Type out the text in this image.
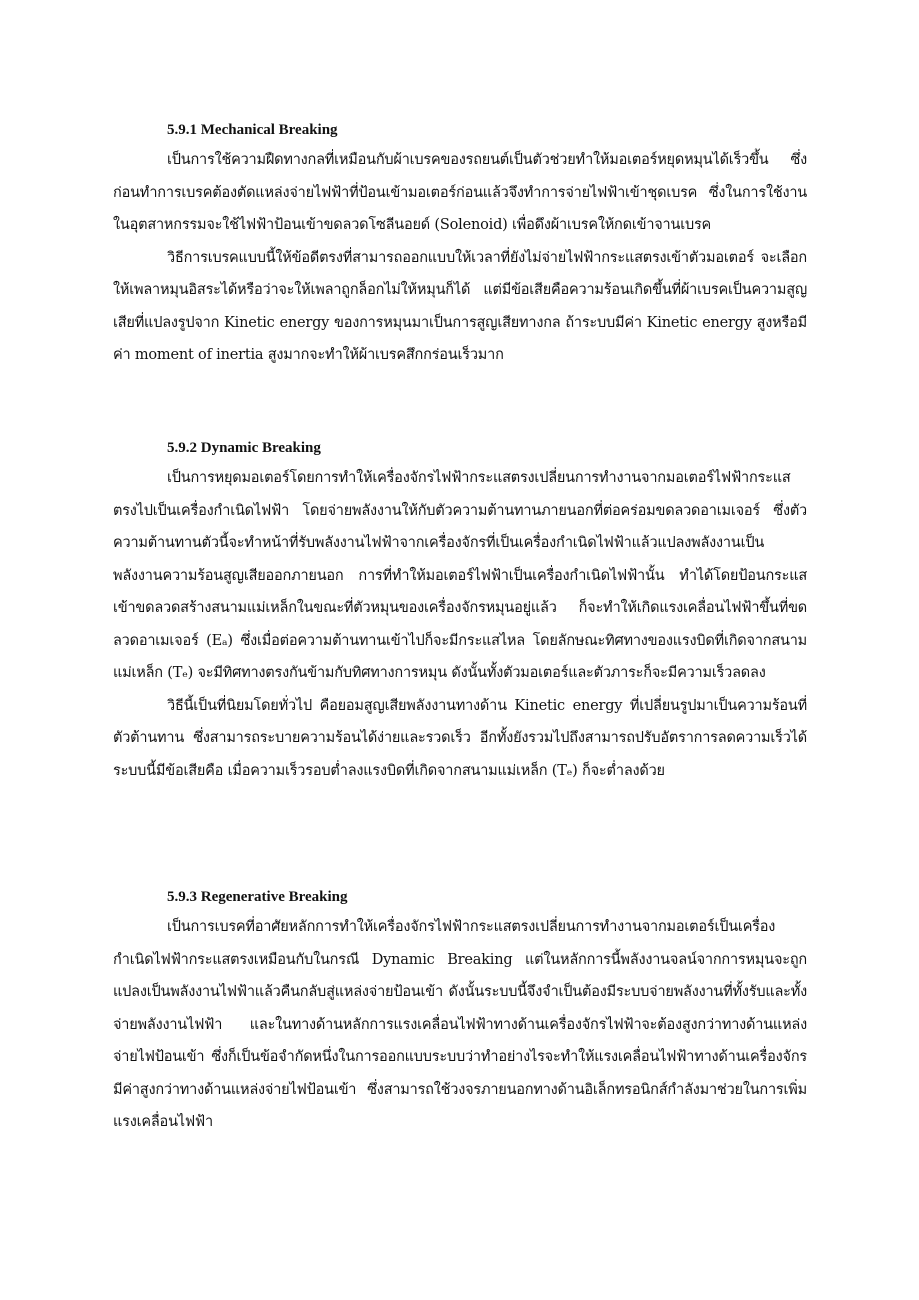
5.9.1 Mechanical Breaking

เป็นการใช้ความฝืดทางกลที่เหมือนกับผ้าเบรคของรถยนต์เป็นตัวช่วยทำให้มอเตอร์หยุดหมุนได้เร็วขึ้น ซึ่งก่อนทำการเบรคต้องตัดแหล่งจ่ายไฟฟ้าที่ป้อนเข้ามอเตอร์ก่อนแล้วจึงทำการจ่ายไฟฟ้าเข้าชุดเบรค ซึ่งในการใช้งานในอุตสาหกรรมจะใช้ไฟฟ้าป้อนเข้าขดลวดโซลีนอยด์ (Solenoid) เพื่อดึงผ้าเบรคให้กดเข้าจานเบรค

วิธีการเบรคแบบนี้ให้ข้อดีตรงที่สามารถออกแบบให้เวลาที่ยังไม่จ่ายไฟฟ้ากระแสตรงเข้าตัวมอเตอร์ จะเลือกให้เพลาหมุนอิสระได้หรือว่าจะให้เพลาถูกล็อกไม่ให้หมุนก็ได้ แต่มีข้อเสียคือความร้อนเกิดขึ้นที่ผ้าเบรคเป็นความสูญเสียที่แปลงรูปจาก Kinetic energy ของการหมุนมาเป็นการสูญเสียทางกล ถ้าระบบมีค่า Kinetic energy สูงหรือมีค่า moment of inertia สูงมากจะทำให้ผ้าเบรคสึกกร่อนเร็วมาก

5.9.2 Dynamic Breaking

เป็นการหยุดมอเตอร์โดยการทำให้เครื่องจักรไฟฟ้ากระแสตรงเปลี่ยนการทำงานจากมอเตอร์ไฟฟ้ากระแสตรงไปเป็นเครื่องกำเนิดไฟฟ้า โดยจ่ายพลังงานให้กับตัวความต้านทานภายนอกที่ต่อคร่อมขดลวดอาเมเจอร์ ซึ่งตัวความต้านทานตัวนี้จะทำหน้าที่รับพลังงานไฟฟ้าจากเครื่องจักรที่เป็นเครื่องกำเนิดไฟฟ้าแล้วแปลงพลังงานเป็นพลังงานความร้อนสูญเสียออกภายนอก การที่ทำให้มอเตอร์ไฟฟ้าเป็นเครื่องกำเนิดไฟฟ้านั้น ทำได้โดยป้อนกระแสเข้าขดลวดสร้างสนามแม่เหล็กในขณะที่ตัวหมุนของเครื่องจักรหมุนอยู่แล้ว ก็จะทำให้เกิดแรงเคลื่อนไฟฟ้าขึ้นที่ขดลวดอาเมเจอร์ (Eₐ) ซึ่งเมื่อต่อความต้านทานเข้าไปก็จะมีกระแสไหล โดยลักษณะทิศทางของแรงบิดที่เกิดจากสนามแม่เหล็ก (Tₑ) จะมีทิศทางตรงกันข้ามกับทิศทางการหมุน ดังนั้นทั้งตัวมอเตอร์และตัวภาระก็จะมีความเร็วลดลง

วิธีนี้เป็นที่นิยมโดยทั่วไป คือยอมสูญเสียพลังงานทางด้าน Kinetic energy ที่เปลี่ยนรูปมาเป็นความร้อนที่ตัวต้านทาน ซึ่งสามารถระบายความร้อนได้ง่ายและรวดเร็ว อีกทั้งยังรวมไปถึงสามารถปรับอัตราการลดความเร็วได้ ระบบนี้มีข้อเสียคือ เมื่อความเร็วรอบต่ำลงแรงบิดที่เกิดจากสนามแม่เหล็ก (Tₑ) ก็จะต่ำลงด้วย

5.9.3 Regenerative Breaking

เป็นการเบรคที่อาศัยหลักการทำให้เครื่องจักรไฟฟ้ากระแสตรงเปลี่ยนการทำงานจากมอเตอร์เป็นเครื่องกำเนิดไฟฟ้ากระแสตรงเหมือนกับในกรณี Dynamic Breaking แต่ในหลักการนี้พลังงานจลน์จากการหมุนจะถูกแปลงเป็นพลังงานไฟฟ้าแล้วคืนกลับสู่แหล่งจ่ายป้อนเข้า ดังนั้นระบบนี้จึงจำเป็นต้องมีระบบจ่ายพลังงานที่ทั้งรับและทั้งจ่ายพลังงานไฟฟ้า และในทางด้านหลักการแรงเคลื่อนไฟฟ้าทางด้านเครื่องจักรไฟฟ้าจะต้องสูงกว่าทางด้านแหล่งจ่ายไฟป้อนเข้า ซึ่งก็เป็นข้อจำกัดหนึ่งในการออกแบบระบบว่าทำอย่างไรจะทำให้แรงเคลื่อนไฟฟ้าทางด้านเครื่องจักรมีค่าสูงกว่าทางด้านแหล่งจ่ายไฟป้อนเข้า ซึ่งสามารถใช้วงจรภายนอกทางด้านอิเล็กทรอนิกส์กำลังมาช่วยในการเพิ่มแรงเคลื่อนไฟฟ้า
